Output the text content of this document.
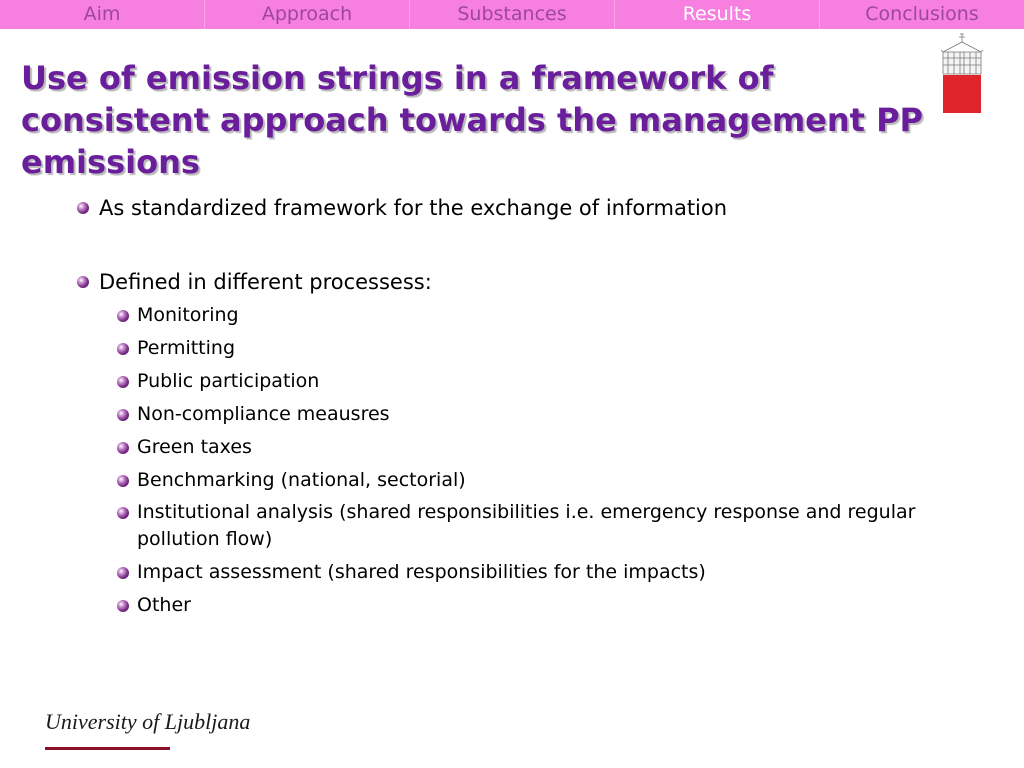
Aim	Approach	Substances	Results	Conclusions
Use of emission strings in a framework of consistent approach towards the management PP emissions
As standardized framework for the exchange of information
Defined in different processess:
Monitoring
Permitting
Public participation
Non-compliance meausres
Green taxes
Benchmarking (national, sectorial)
Institutional analysis (shared responsibilities i.e. emergency response and regular pollution flow)
Impact assessment (shared responsibilities for the impacts)
Other
University of Ljubljana
